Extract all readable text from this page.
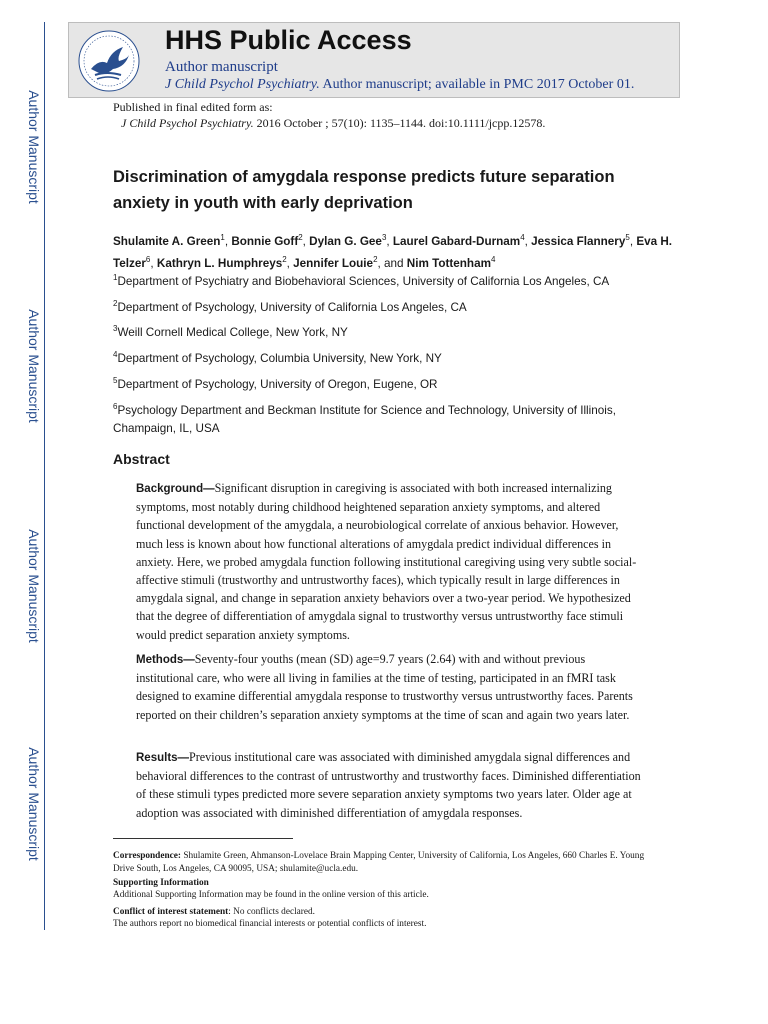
Author Manuscript
Author Manuscript
Author Manuscript
Author Manuscript
HHS Public Access
Author manuscript
J Child Psychol Psychiatry. Author manuscript; available in PMC 2017 October 01.
Published in final edited form as:
J Child Psychol Psychiatry. 2016 October ; 57(10): 1135–1144. doi:10.1111/jcpp.12578.
Discrimination of amygdala response predicts future separation anxiety in youth with early deprivation
Shulamite A. Green$^1$, Bonnie Goff$^2$, Dylan G. Gee$^3$, Laurel Gabard-Durnam$^4$, Jessica Flannery$^5$, Eva H. Telzer$^6$, Kathryn L. Humphreys$^2$, Jennifer Louie$^2$, and Nim Tottenham$^4$
$^1$Department of Psychiatry and Biobehavioral Sciences, University of California Los Angeles, CA
$^2$Department of Psychology, University of California Los Angeles, CA
$^3$Weill Cornell Medical College, New York, NY
$^4$Department of Psychology, Columbia University, New York, NY
$^5$Department of Psychology, University of Oregon, Eugene, OR
$^6$Psychology Department and Beckman Institute for Science and Technology, University of Illinois, Champaign, IL, USA
Abstract
Background—Significant disruption in caregiving is associated with both increased internalizing symptoms, most notably during childhood heightened separation anxiety symptoms, and altered functional development of the amygdala, a neurobiological correlate of anxious behavior. However, much less is known about how functional alterations of amygdala predict individual differences in anxiety. Here, we probed amygdala function following institutional caregiving using very subtle social-affective stimuli (trustworthy and untrustworthy faces), which typically result in large differences in amygdala signal, and change in separation anxiety behaviors over a two-year period. We hypothesized that the degree of differentiation of amygdala signal to trustworthy versus untrustworthy face stimuli would predict separation anxiety symptoms.
Methods—Seventy-four youths (mean (SD) age=9.7 years (2.64) with and without previous institutional care, who were all living in families at the time of testing, participated in an fMRI task designed to examine differential amygdala response to trustworthy versus untrustworthy faces. Parents reported on their children’s separation anxiety symptoms at the time of scan and again two years later.
Results—Previous institutional care was associated with diminished amygdala signal differences and behavioral differences to the contrast of untrustworthy and trustworthy faces. Diminished differentiation of these stimuli types predicted more severe separation anxiety symptoms two years later. Older age at adoption was associated with diminished differentiation of amygdala responses.
Correspondence: Shulamite Green, Ahmanson-Lovelace Brain Mapping Center, University of California, Los Angeles, 660 Charles E. Young Drive South, Los Angeles, CA 90095, USA; shulamite@ucla.edu.
Supporting Information
Additional Supporting Information may be found in the online version of this article.
Conflict of interest statement: No conflicts declared.
The authors report no biomedical financial interests or potential conflicts of interest.
